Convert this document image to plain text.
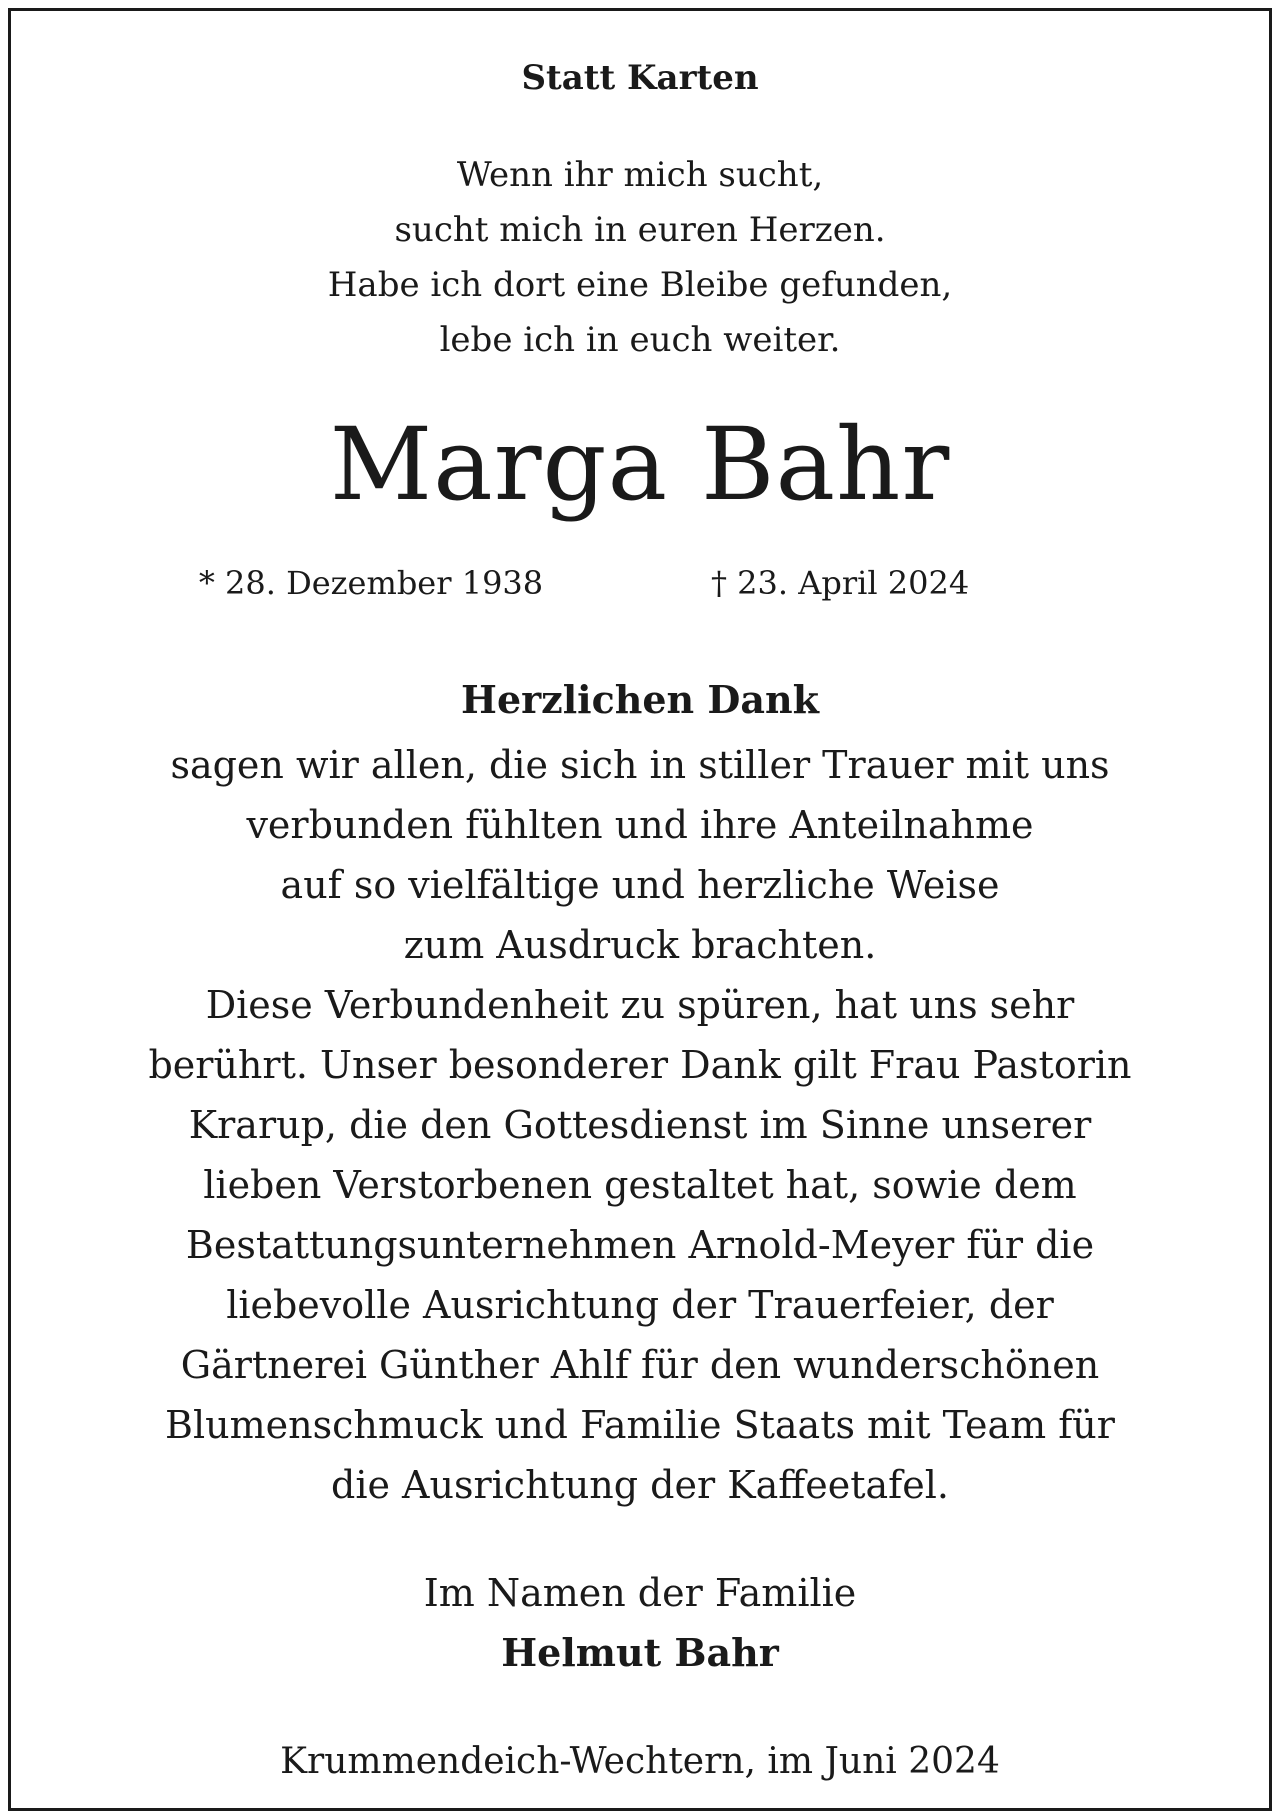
Statt Karten
Wenn ihr mich sucht,
sucht mich in euren Herzen.
Habe ich dort eine Bleibe gefunden,
lebe ich in euch weiter.
Marga Bahr
* 28. Dezember 1938	† 23. April 2024
Herzlichen Dank
sagen wir allen, die sich in stiller Trauer mit uns
verbunden fühlten und ihre Anteilnahme
auf so vielfältige und herzliche Weise
zum Ausdruck brachten.
Diese Verbundenheit zu spüren, hat uns sehr
berührt. Unser besonderer Dank gilt Frau Pastorin
Krarup, die den Gottesdienst im Sinne unserer
lieben Verstorbenen gestaltet hat, sowie dem
Bestattungsunternehmen Arnold-Meyer für die
liebevolle Ausrichtung der Trauerfeier, der
Gärtnerei Günther Ahlf für den wunderschönen
Blumenschmuck und Familie Staats mit Team für
die Ausrichtung der Kaffeetafel.
Im Namen der Familie
Helmut Bahr
Krummendeich-Wechtern, im Juni 2024
